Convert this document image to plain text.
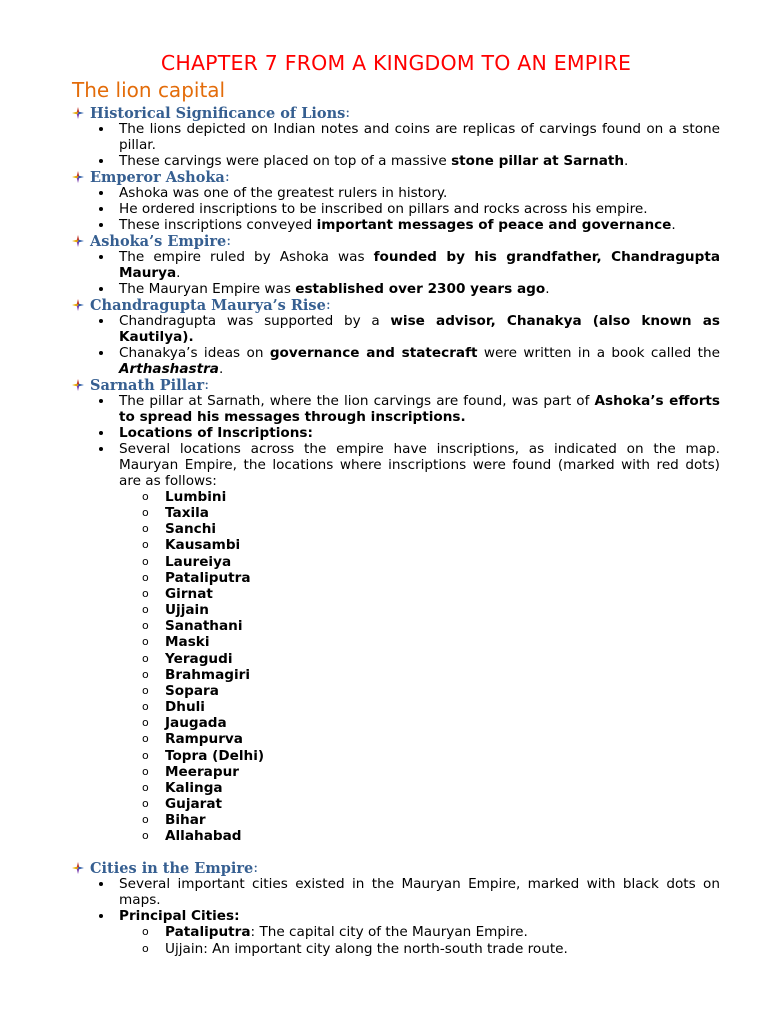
CHAPTER 7 FROM A KINGDOM TO AN EMPIRE
The lion capital
Historical Significance of Lions :
The lions depicted on Indian notes and coins are replicas of carvings found on a stone pillar.
These carvings were placed on top of a massive stone pillar at Sarnath.
Emperor Ashoka :
Ashoka was one of the greatest rulers in history.
He ordered inscriptions to be inscribed on pillars and rocks across his empire.
These inscriptions conveyed important messages of peace and governance.
Ashoka’s Empire :
The empire ruled by Ashoka was founded by his grandfather, Chandragupta Maurya.
The Mauryan Empire was established over 2300 years ago.
Chandragupta Maurya’s Rise :
Chandragupta was supported by a wise advisor, Chanakya (also known as Kautilya).
Chanakya’s ideas on governance and statecraft were written in a book called the Arthashastra.
Sarnath Pillar :
The pillar at Sarnath, where the lion carvings are found, was part of Ashoka’s efforts to spread his messages through inscriptions.
Locations of Inscriptions:
Several locations across the empire have inscriptions, as indicated on the map. Mauryan Empire, the locations where inscriptions were found (marked with red dots) are as follows:
o Lumbini
o Taxila
o Sanchi
o Kausambi
o Laureiya
o Pataliputra
o Girnat
o Ujjain
o Sanathani
o Maski
o Yeragudi
o Brahmagiri
o Sopara
o Dhuli
o Jaugada
o Rampurva
o Topra (Delhi)
o Meerapur
o Kalinga
o Gujarat
o Bihar
o Allahabad
Cities in the Empire :
Several important cities existed in the Mauryan Empire, marked with black dots on maps.
Principal Cities:
o Pataliputra: The capital city of the Mauryan Empire.
o Ujjain: An important city along the north-south trade route.
